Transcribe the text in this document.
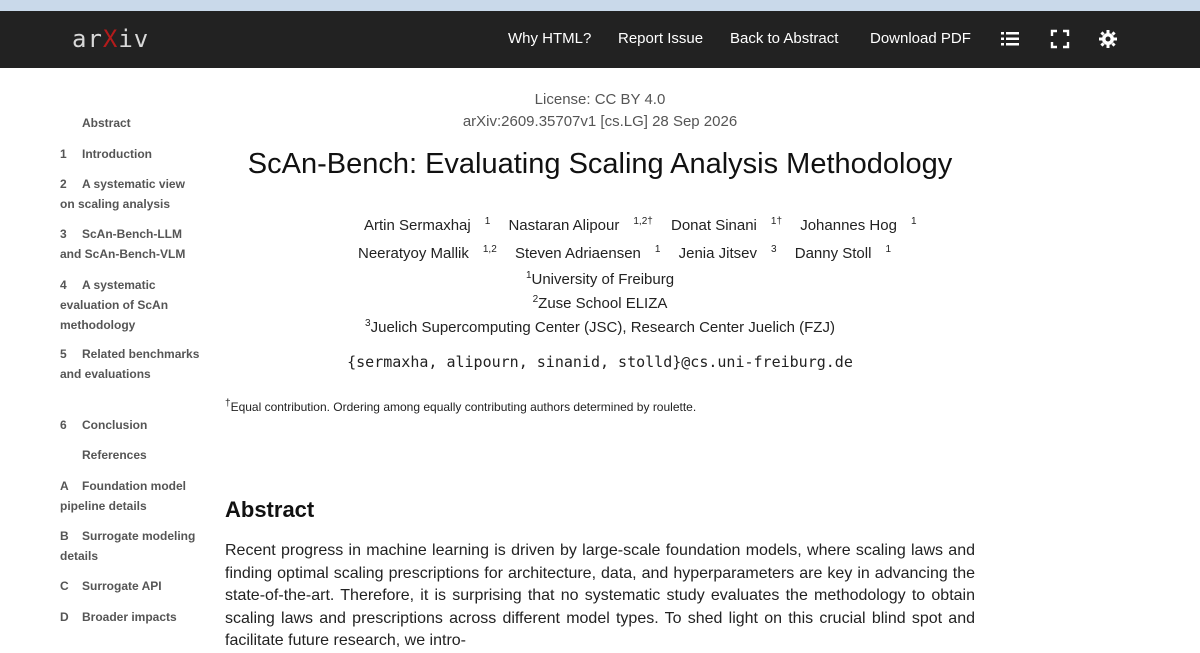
arXiv	Why HTML? Report Issue Back to Abstract Download PDF
Abstract
1 Introduction
2 A systematic view on scaling analysis
3 ScAn-Bench-LLM and ScAn-Bench-VLM
4 A systematic evaluation of ScAn methodology
5 Related benchmarks and evaluations
6 Conclusion
References
A Foundation model pipeline details
B Surrogate modeling details
C Surrogate API
D Broader impacts
License: CC BY 4.0
arXiv:2609.35707v1 [cs.LG] 28 Sep 2026
ScAn-Bench: Evaluating Scaling Analysis Methodology
Artin Sermaxhaj $^1$ Nastaran Alipour $^{1,2\dagger}$ Donat Sinani $^{1\dagger}$ Johannes Hog $^1$
Neeratyoy Mallik $^{1,2}$ Steven Adriaensen $^1$ Jenia Jitsev $^3$ Danny Stoll $^1$
$^1$University of Freiburg
$^2$Zuse School ELIZA
$^3$Juelich Supercomputing Center (JSC), Research Center Juelich (FZJ)
{sermaxha, alipourn, sinanid, stolld}@cs.uni-freiburg.de
†Equal contribution. Ordering among equally contributing authors determined by roulette.
Abstract
Recent progress in machine learning is driven by large-scale foundation models, where scaling laws and finding optimal scaling prescriptions for architecture, data, and hyperparameters are key in advancing the state-of-the-art. Therefore, it is surprising that no systematic study evaluates the methodology to obtain scaling laws and prescriptions across different model types. To shed light on this crucial blind spot and facilitate future research, we intro-
